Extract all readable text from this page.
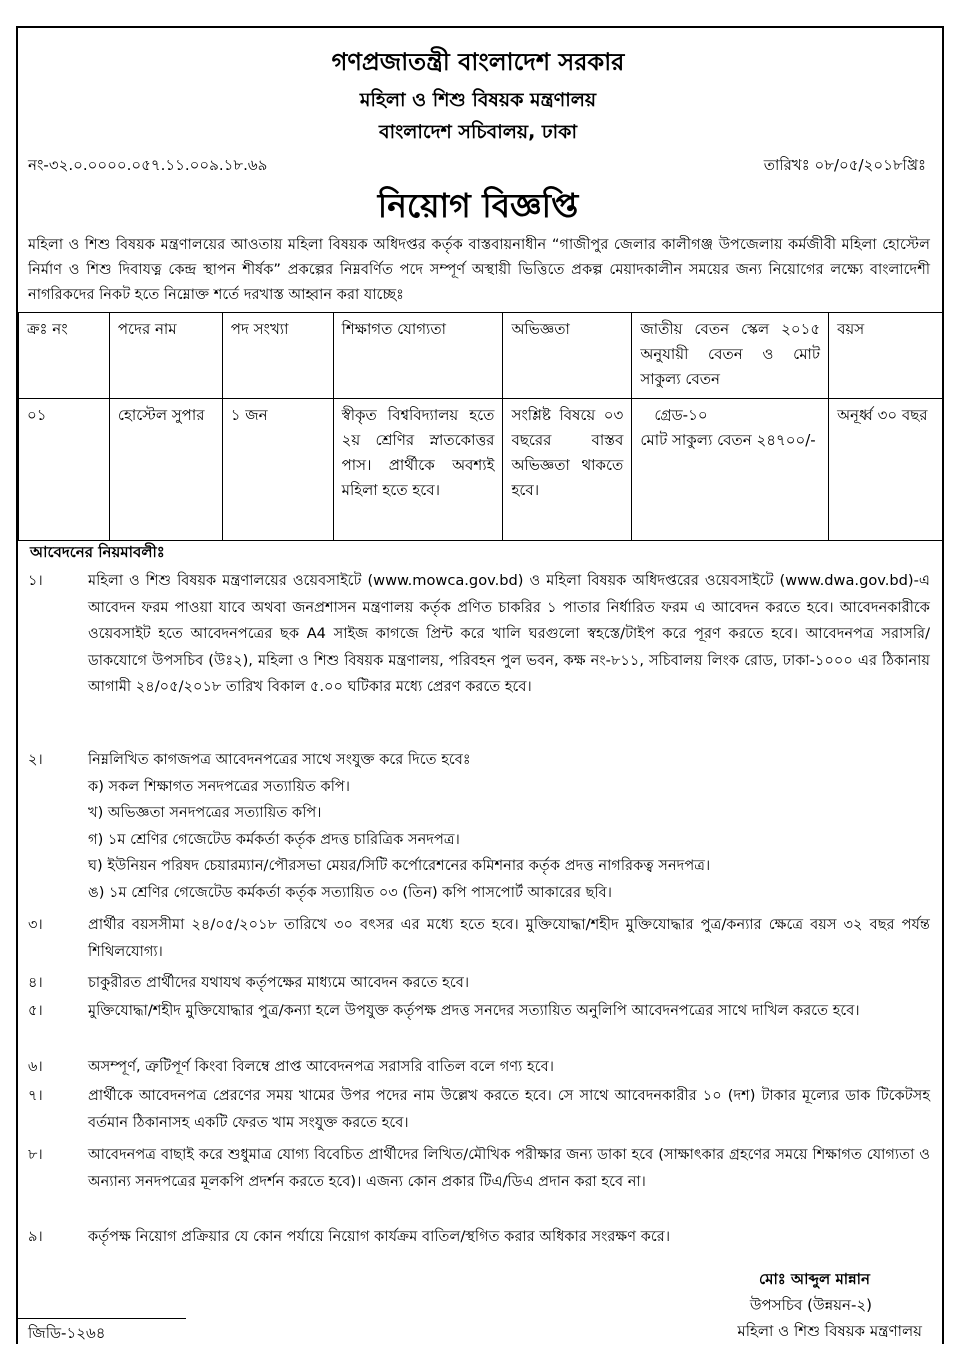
গণপ্রজাতন্ত্রী বাংলাদেশ সরকার
মহিলা ও শিশু বিষয়ক মন্ত্রণালয়
বাংলাদেশ সচিবালয়, ঢাকা
নং-৩২.০.০০০০.০৫৭.১১.০০৯.১৮.৬৯	তারিখঃ ০৮/০৫/২০১৮খ্রিঃ
নিয়োগ বিজ্ঞপ্তি
মহিলা ও শিশু বিষয়ক মন্ত্রণালয়ের আওতায় মহিলা বিষয়ক অধিদপ্তর কর্তৃক বাস্তবায়নাধীন “গাজীপুর জেলার কালীগঞ্জ উপজেলায় কর্মজীবী মহিলা হোস্টেল নির্মাণ ও শিশু দিবাযত্ন কেন্দ্র স্থাপন শীর্ষক” প্রকল্পের নিম্নবর্ণিত পদে সম্পূর্ণ অস্থায়ী ভিত্তিতে প্রকল্প মেয়াদকালীন সময়ের জন্য নিয়োগের লক্ষ্যে বাংলাদেশী নাগরিকদের নিকট হতে নিম্নোক্ত শর্তে দরখাস্ত আহ্বান করা যাচ্ছেঃ
ক্রঃ নং	পদের নাম	পদ সংখ্যা	শিক্ষাগত যোগ্যতা	অভিজ্ঞতা	জাতীয় বেতন স্কেল ২০১৫ অনুযায়ী বেতন ও মোট সাকুল্য বেতন	বয়স
০১	হোস্টেল সুপার	১ জন	স্বীকৃত বিশ্ববিদ্যালয় হতে ২য় শ্রেণির স্নাতকোত্তর পাস। প্রার্থীকে অবশ্যই মহিলা হতে হবে।	সংশ্লিষ্ট বিষয়ে ০৩ বছরের বাস্তব অভিজ্ঞতা থাকতে হবে।	গ্রেড-১০
মোট সাকুল্য বেতন ২৪৭০০/-	অনূর্ধ্ব ৩০ বছর
আবেদনের নিয়মাবলীঃ
১।	মহিলা ও শিশু বিষয়ক মন্ত্রণালয়ের ওয়েবসাইটে (www.mowca.gov.bd) ও মহিলা বিষয়ক অধিদপ্তরের ওয়েবসাইটে (www.dwa.gov.bd)-এ আবেদন ফরম পাওয়া যাবে অথবা জনপ্রশাসন মন্ত্রণালয় কর্তৃক প্রণিত চাকরির ১ পাতার নির্ধারিত ফরম এ আবেদন করতে হবে। আবেদনকারীকে ওয়েবসাইট হতে আবেদনপত্রের ছক A4 সাইজ কাগজে প্রিন্ট করে খালি ঘরগুলো স্বহস্তে/টাইপ করে পূরণ করতে হবে। আবেদনপত্র সরাসরি/ডাকযোগে উপসচিব (উঃ২), মহিলা ও শিশু বিষয়ক মন্ত্রণালয়, পরিবহন পুল ভবন, কক্ষ নং-৮১১, সচিবালয় লিংক রোড, ঢাকা-১০০০ এর ঠিকানায় আগামী ২৪/০৫/২০১৮ তারিখ বিকাল ৫.০০ ঘটিকার মধ্যে প্রেরণ করতে হবে।
২।	নিম্নলিখিত কাগজপত্র আবেদনপত্রের সাথে সংযুক্ত করে দিতে হবেঃ
ক) সকল শিক্ষাগত সনদপত্রের সত্যায়িত কপি।
খ) অভিজ্ঞতা সনদপত্রের সত্যায়িত কপি।
গ) ১ম শ্রেণির গেজেটেড কর্মকর্তা কর্তৃক প্রদত্ত চারিত্রিক সনদপত্র।
ঘ) ইউনিয়ন পরিষদ চেয়ারম্যান/পৌরসভা মেয়র/সিটি কর্পোরেশনের কমিশনার কর্তৃক প্রদত্ত নাগরিকত্ব সনদপত্র।
ঙ) ১ম শ্রেণির গেজেটেড কর্মকর্তা কর্তৃক সত্যায়িত ০৩ (তিন) কপি পাসপোর্ট আকারের ছবি।
৩।	প্রার্থীর বয়সসীমা ২৪/০৫/২০১৮ তারিখে ৩০ বৎসর এর মধ্যে হতে হবে। মুক্তিযোদ্ধা/শহীদ মুক্তিযোদ্ধার পুত্র/কন্যার ক্ষেত্রে বয়স ৩২ বছর পর্যন্ত শিথিলযোগ্য।
৪।	চাকুরীরত প্রার্থীদের যথাযথ কর্তৃপক্ষের মাধ্যমে আবেদন করতে হবে।
৫।	মুক্তিযোদ্ধা/শহীদ মুক্তিযোদ্ধার পুত্র/কন্যা হলে উপযুক্ত কর্তৃপক্ষ প্রদত্ত সনদের সত্যায়িত অনুলিপি আবেদনপত্রের সাথে দাখিল করতে হবে।
৬।	অসম্পূর্ণ, ত্রুটিপূর্ণ কিংবা বিলম্বে প্রাপ্ত আবেদনপত্র সরাসরি বাতিল বলে গণ্য হবে।
৭।	প্রার্থীকে আবেদনপত্র প্রেরণের সময় খামের উপর পদের নাম উল্লেখ করতে হবে। সে সাথে আবেদনকারীর ১০ (দশ) টাকার মূল্যের ডাক টিকেটসহ বর্তমান ঠিকানাসহ একটি ফেরত খাম সংযুক্ত করতে হবে।
৮।	আবেদনপত্র বাছাই করে শুধুমাত্র যোগ্য বিবেচিত প্রার্থীদের লিখিত/মৌখিক পরীক্ষার জন্য ডাকা হবে (সাক্ষাৎকার গ্রহণের সময়ে শিক্ষাগত যোগ্যতা ও অন্যান্য সনদপত্রের মূলকপি প্রদর্শন করতে হবে)। এজন্য কোন প্রকার টিএ/ডিএ প্রদান করা হবে না।
৯।	কর্তৃপক্ষ নিয়োগ প্রক্রিয়ার যে কোন পর্যায়ে নিয়োগ কার্যক্রম বাতিল/স্থগিত করার অধিকার সংরক্ষণ করে।
মোঃ আব্দুল মান্নান
উপসচিব (উন্নয়ন-২)
মহিলা ও শিশু বিষয়ক মন্ত্রণালয়
জিডি-১২৬৪
